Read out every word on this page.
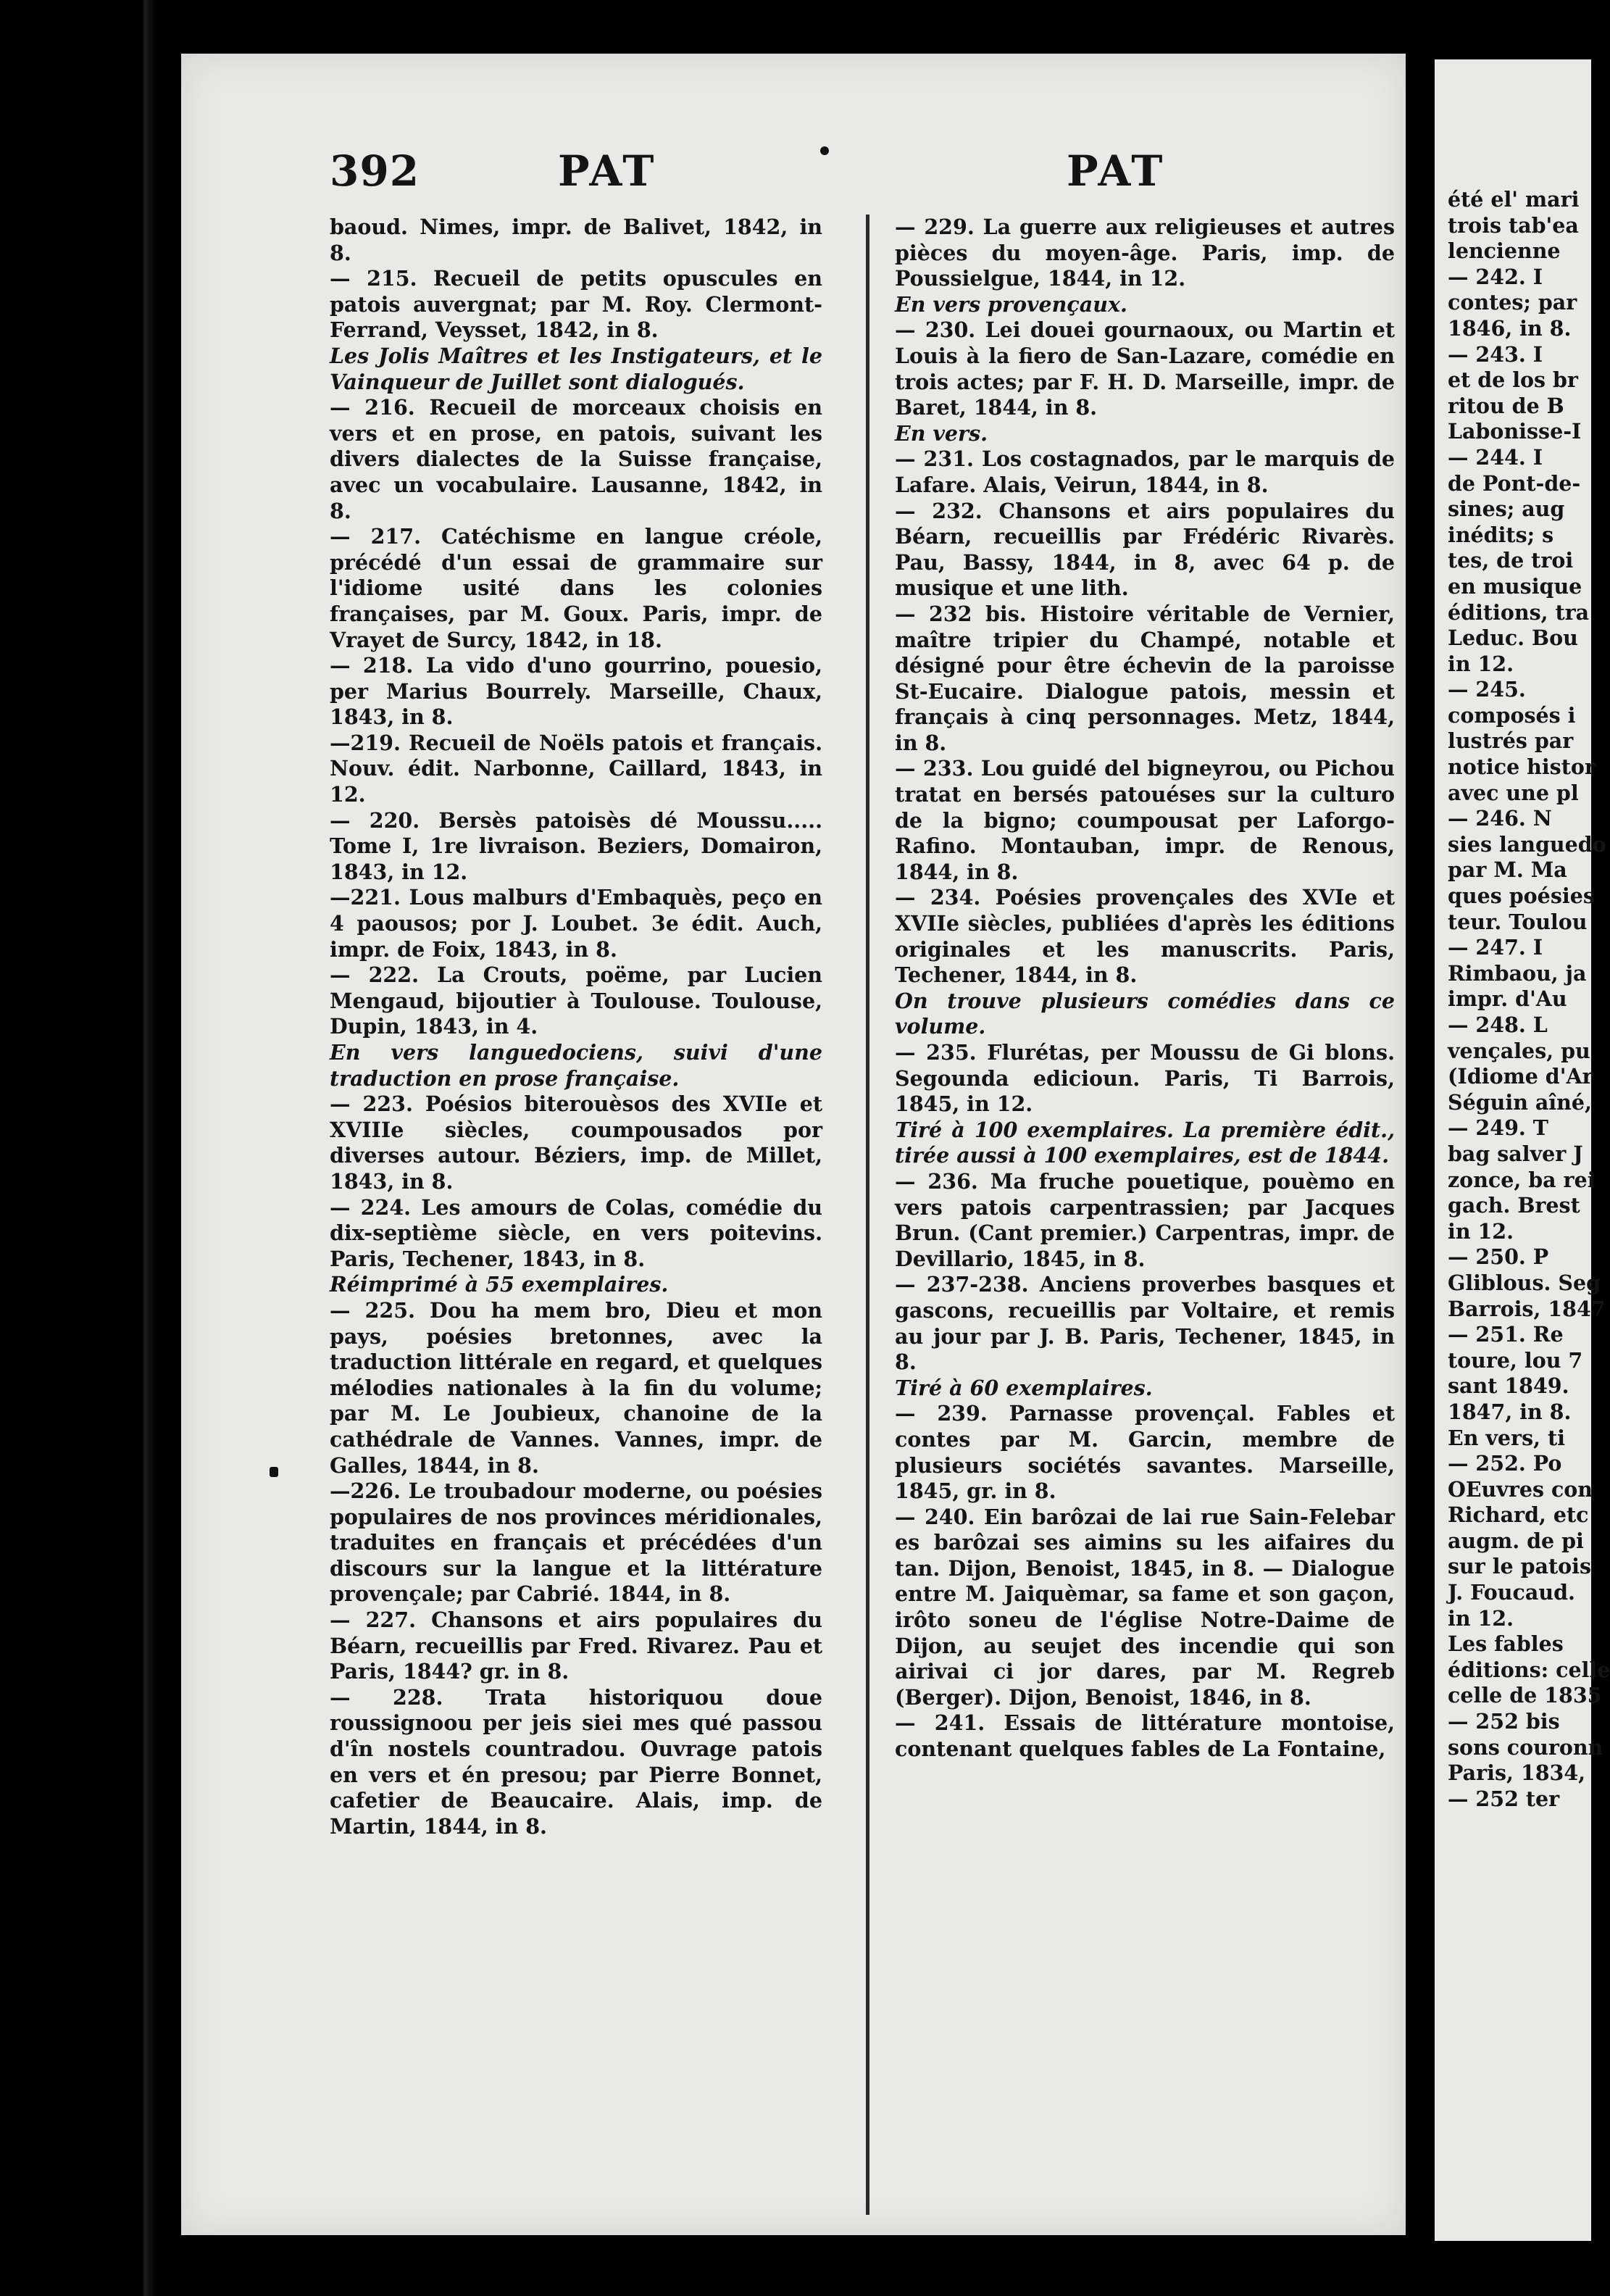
392	PAT	PAT

baoud. Nimes, impr. de Balivet, 1842, in 8.

— 215. Recueil de petits opuscules en patois auvergnat; par M. Roy. Clermont-Ferrand, Veysset, 1842, in 8.

Les Jolis Maîtres et les Instigateurs, et le Vainqueur de Juillet sont dialogués.

— 216. Recueil de morceaux choisis en vers et en prose, en patois, suivant les divers dialectes de la Suisse française, avec un vocabulaire. Lausanne, 1842, in 8.

— 217. Catéchisme en langue créole, précédé d'un essai de grammaire sur l'idiome usité dans les colonies françaises, par M. Goux. Paris, impr. de Vrayet de Surcy, 1842, in 18.

— 218. La vido d'uno gourrino, pouesio, per Marius Bourrely. Marseille, Chaux, 1843, in 8.

—219. Recueil de Noëls patois et français. Nouv. édit. Narbonne, Caillard, 1843, in 12.

— 220. Bersès patoisès dé Moussu..... Tome I, 1re livraison. Beziers, Domairon, 1843, in 12.

—221. Lous malburs d'Embaquès, peço en 4 paousos; por J. Loubet. 3e édit. Auch, impr. de Foix, 1843, in 8.

— 222. La Crouts, poëme, par Lucien Mengaud, bijoutier à Toulouse. Toulouse, Dupin, 1843, in 4.

En vers languedociens, suivi d'une traduction en prose française.

— 223. Poésios biterouèsos des XVIIe et XVIIIe siècles, coumpousados por diverses autour. Béziers, imp. de Millet, 1843, in 8.

— 224. Les amours de Colas, comédie du dix-septième siècle, en vers poitevins. Paris, Techener, 1843, in 8.

Réimprimé à 55 exemplaires.

— 225. Dou ha mem bro, Dieu et mon pays, poésies bretonnes, avec la traduction littérale en regard, et quelques mélodies nationales à la fin du volume; par M. Le Joubieux, chanoine de la cathédrale de Vannes. Vannes, impr. de Galles, 1844, in 8.

—226. Le troubadour moderne, ou poésies populaires de nos provinces méridionales, traduites en français et précédées d'un discours sur la langue et la littérature provençale; par Cabrié. 1844, in 8.

— 227. Chansons et airs populaires du Béarn, recueillis par Fred. Rivarez. Pau et Paris, 1844? gr. in 8.

— 228. Trata historiquou doue roussignoou per jeis siei mes qué passou d'în nostels countradou. Ouvrage patois en vers et én presou; par Pierre Bonnet, cafetier de Beaucaire. Alais, imp. de Martin, 1844, in 8.

— 229. La guerre aux religieuses et autres pièces du moyen-âge. Paris, imp. de Poussielgue, 1844, in 12.

En vers provençaux.

— 230. Lei douei gournaoux, ou Martin et Louis à la fiero de San-Lazare, comédie en trois actes; par F. H. D. Marseille, impr. de Baret, 1844, in 8.

En vers.

— 231. Los costagnados, par le marquis de Lafare. Alais, Veirun, 1844, in 8.

— 232. Chansons et airs populaires du Béarn, recueillis par Frédéric Rivarès. Pau, Bassy, 1844, in 8, avec 64 p. de musique et une lith.

— 232 bis. Histoire véritable de Vernier, maître tripier du Champé, notable et désigné pour être échevin de la paroisse St-Eucaire. Dialogue patois, messin et français à cinq personnages. Metz, 1844, in 8.

— 233. Lou guidé del bigneyrou, ou Pichou tratat en bersés patouéses sur la culturo de la bigno; coumpousat per Laforgo-Rafino. Montauban, impr. de Renous, 1844, in 8.

— 234. Poésies provençales des XVIe et XVIIe siècles, publiées d'après les éditions originales et les manuscrits. Paris, Techener, 1844, in 8.

On trouve plusieurs comédies dans ce volume.

— 235. Flurétas, per Moussu de Gi blons. Segounda edicioun. Paris, Ti Barrois, 1845, in 12.

Tiré à 100 exemplaires. La première édit., tirée aussi à 100 exemplaires, est de 1844.

— 236. Ma fruche pouetique, pouèmo en vers patois carpentrassien; par Jacques Brun. (Cant premier.) Carpentras, impr. de Devillario, 1845, in 8.

— 237-238. Anciens proverbes basques et gascons, recueillis par Voltaire, et remis au jour par J. B. Paris, Techener, 1845, in 8.

Tiré à 60 exemplaires.

— 239. Parnasse provençal. Fables et contes par M. Garcin, membre de plusieurs sociétés savantes. Marseille, 1845, gr. in 8.

— 240. Ein barôzai de lai rue Sain-Felebar es barôzai ses aimins su les aifaires du tan. Dijon, Benoist, 1845, in 8. — Dialogue entre M. Jaiquèmar, sa fame et son gaçon, irôto soneu de l'église Notre-Daime de Dijon, au seujet des incendie qui son airivai ci jor dares, par M. Regreb (Berger). Dijon, Benoist, 1846, in 8.

— 241. Essais de littérature montoise, contenant quelques fables de La Fontaine,

été el' mari
trois tab'ea
lencienne
— 242. I
contes; par
1846, in 8.
— 243. I
et de los br
ritou de B
Labonisse-I
— 244. I
de Pont-de-
sines; aug
inédits; s
tes, de troi
en musique
éditions, tra
Leduc. Bou
in 12.
— 245.
composés i
lustrés par
notice histor
avec une pl
— 246. N
sies languedo
par M. Ma
ques poésies
teur. Toulou
— 247. I
Rimbaou, ja
impr. d'Au
— 248. L
vençales, pu
(Idiome d'Ar
Séguin aîné,
— 249. T
bag salver J
zonce, ba rei
gach. Brest
in 12.
— 250. P
Gliblous. Seg
Barrois, 1847
— 251. Re
toure, lou 7
sant 1849.
1847, in 8.
En vers, ti
— 252. Po
OEuvres con
Richard, etc
augm. de pi
sur le patois
J. Foucaud.
in 12.
Les fables
éditions: celle
celle de 1835
— 252 bis
sons couronn
Paris, 1834,
— 252 ter
